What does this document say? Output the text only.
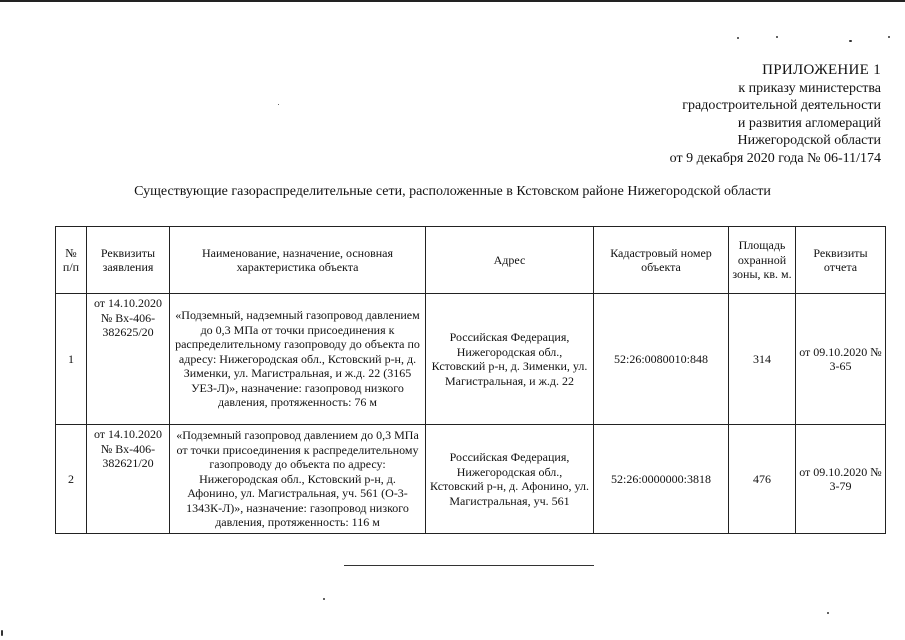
ПРИЛОЖЕНИЕ 1
к приказу министерства
градостроительной деятельности
и развития агломераций
Нижегородской области
от 9 декабря 2020 года № 06-11/174
Существующие газораспределительные сети, расположенные в Кстовском районе Нижегородской области
№ п/п	Реквизиты заявления	Наименование, назначение, основная характеристика объекта	Адрес	Кадастровый номер объекта	Площадь охранной зоны, кв. м.	Реквизиты отчета
1	от 14.10.2020 № Вх-406-382625/20	«Подземный, надземный газопровод давлением до 0,3 МПа от точки присоединения к распределительному газопроводу до объекта по адресу: Нижегородская обл., Кстовский р-н, д. Зименки, ул. Магистральная, и ж.д. 22 (3165 УЕЗ-Л)», назначение: газопровод низкого давления, протяженность: 76 м	Российская Федерация, Нижегородская обл., Кстовский р-н, д. Зименки, ул. Магистральная, и ж.д. 22	52:26:0080010:848	314	от 09.10.2020 № 3-65
2	от 14.10.2020 № Вх-406-382621/20	«Подземный газопровод давлением до 0,3 МПа от точки присоединения к распределительному газопроводу до объекта по адресу: Нижегородская обл., Кстовский р-н, д. Афонино, ул. Магистральная, уч. 561 (О-3-1343К-Л)», назначение: газопровод низкого давления, протяженность: 116 м	Российская Федерация, Нижегородская обл., Кстовский р-н, д. Афонино, ул. Магистральная, уч. 561	52:26:0000000:3818	476	от 09.10.2020 № 3-79
